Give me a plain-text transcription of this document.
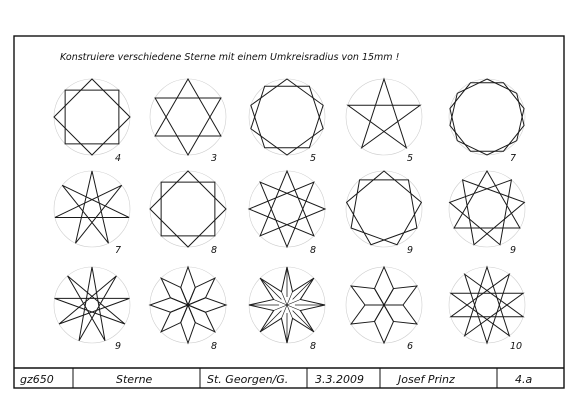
Konstruiere verschiedene Sterne mit einem Umkreisradius von 15mm !
4	3	5	5	7
7	8	8	9	9
9	8	8	6	10
gz650	Sterne	St. Georgen/G. 3.3.2009	Josef Prinz	4.a
